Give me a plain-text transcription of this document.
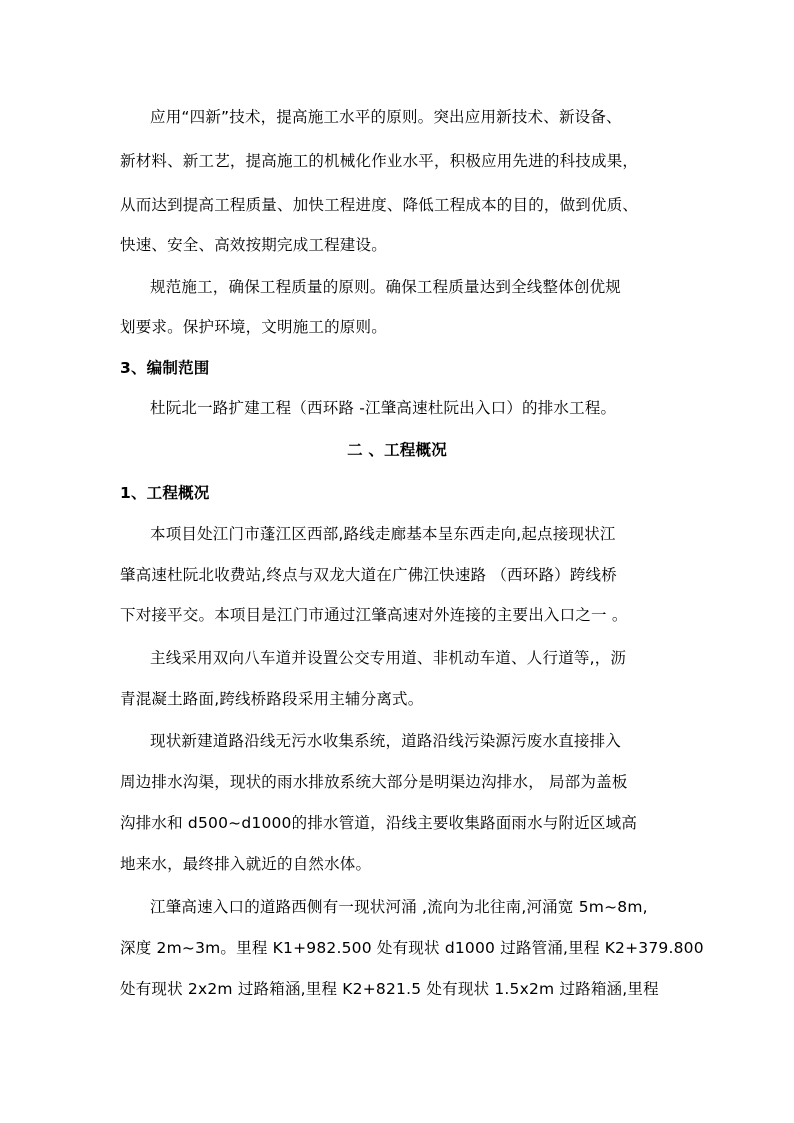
应用“四新”技术，提高施工水平的原则。突出应用新技术、新设备、
新材料、新工艺，提高施工的机械化作业水平，积极应用先进的科技成果，
从而达到提高工程质量、加快工程进度、降低工程成本的目的，做到优质、
快速、安全、高效按期完成工程建设。
规范施工，确保工程质量的原则。确保工程质量达到全线整体创优规
划要求。保护环境，文明施工的原则。
3、编制范围
杜阮北一路扩建工程（西环路 -江肇高速杜阮出入口）的排水工程。
二 、工程概况
1、工程概况
本项目处江门市蓬江区西部,路线走廊基本呈东西走向,起点接现状江
肇高速杜阮北收费站,终点与双龙大道在广佛江快速路 （西环路）跨线桥
下对接平交。本项目是江门市通过江肇高速对外连接的主要出入口之一 。
主线采用双向八车道并设置公交专用道、非机动车道、人行道等,，沥
青混凝土路面,跨线桥路段采用主辅分离式。
现状新建道路沿线无污水收集系统，道路沿线污染源污废水直接排入
周边排水沟渠，现状的雨水排放系统大部分是明渠边沟排水， 局部为盖板
沟排水和 d500~d1000的排水管道，沿线主要收集路面雨水与附近区域高
地来水，最终排入就近的自然水体。
江肇高速入口的道路西侧有一现状河涌 ,流向为北往南,河涌宽 5m~8m,
深度 2m~3m。里程 K1+982.500 处有现状 d1000 过路管涌,里程 K2+379.800
处有现状 2x2m 过路箱涵,里程 K2+821.5 处有现状 1.5x2m 过路箱涵,里程
